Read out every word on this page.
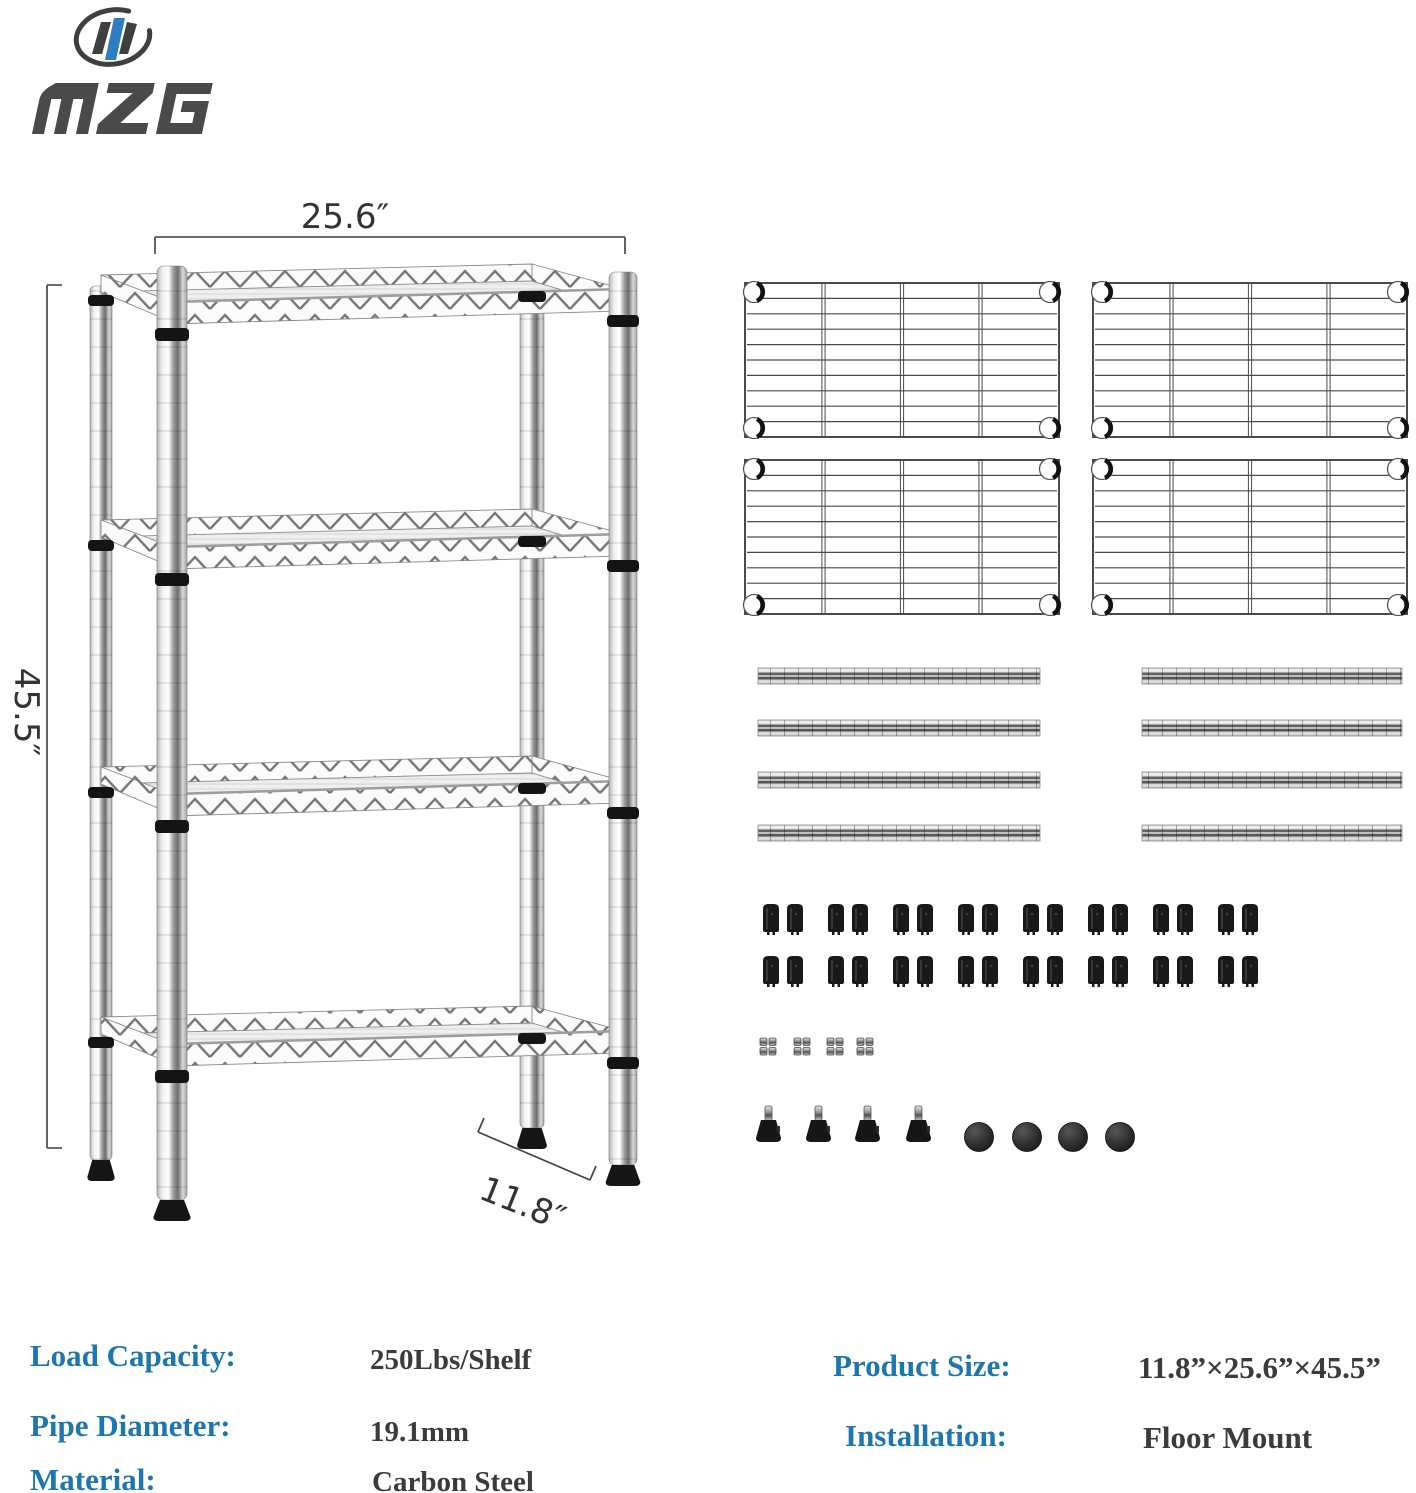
25.6″
45.5″
11.8″
Load Capacity:	250Lbs/Shelf
Pipe Diameter:	19.1mm
Material:	Carbon Steel
Product Size:	11.8”×25.6”×45.5”
Installation:	Floor Mount
